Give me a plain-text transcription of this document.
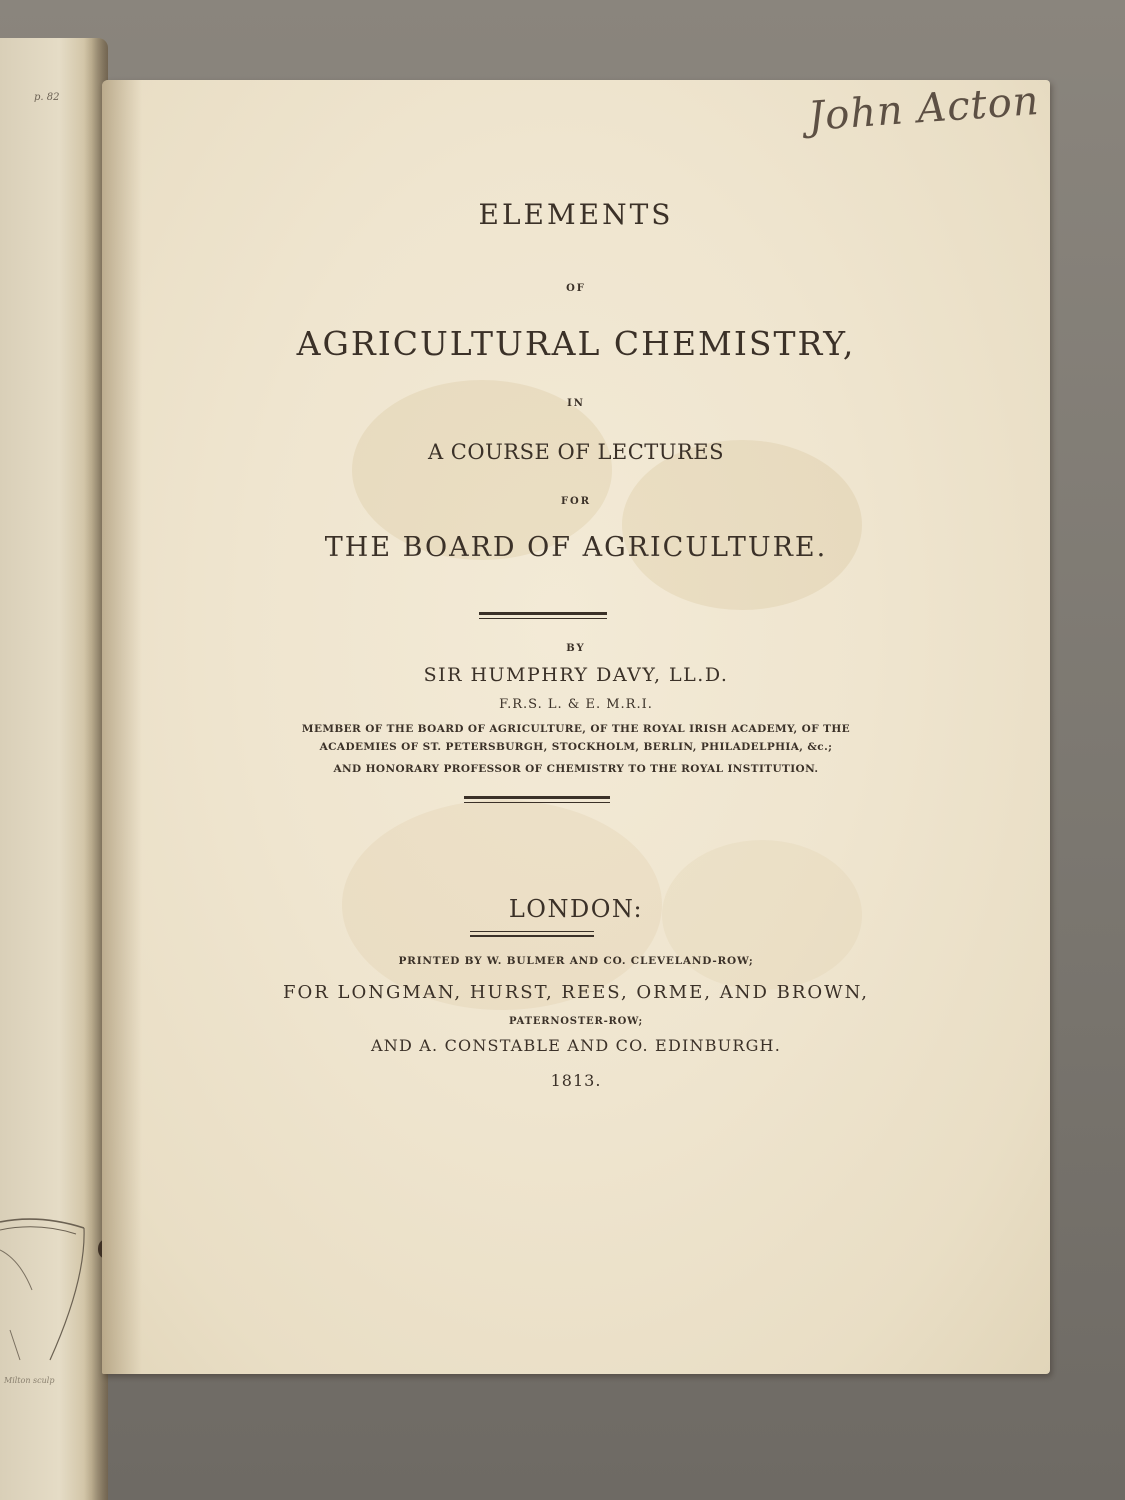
p. 82
Milton sculp
John Acton
ELEMENTS
OF
AGRICULTURAL CHEMISTRY,
IN
A COURSE OF LECTURES
FOR
THE BOARD OF AGRICULTURE.
BY
SIR HUMPHRY DAVY, LL.D.
F.R.S. L. & E. M.R.I.
MEMBER OF THE BOARD OF AGRICULTURE, OF THE ROYAL IRISH ACADEMY, OF THE
ACADEMIES OF ST. PETERSBURGH, STOCKHOLM, BERLIN, PHILADELPHIA, &c.;
AND HONORARY PROFESSOR OF CHEMISTRY TO THE ROYAL INSTITUTION.
LONDON:
PRINTED BY W. BULMER AND CO. CLEVELAND-ROW;
FOR LONGMAN, HURST, REES, ORME, AND BROWN,
PATERNOSTER-ROW;
AND A. CONSTABLE AND CO. EDINBURGH.
1813.
